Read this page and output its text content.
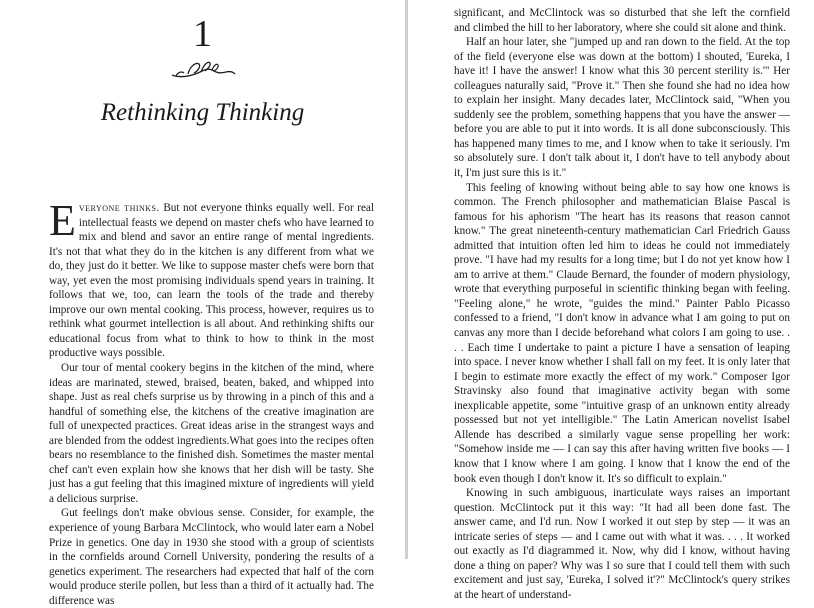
1
Rethinking Thinking

Everyone thinks. But not everyone thinks equally well. For real intellectual feasts we depend on master chefs who have learned to mix and blend and savor an entire range of mental ingredients. It's not that what they do in the kitchen is any different from what we do, they just do it better. We like to suppose master chefs were born that way, yet even the most promising individuals spend years in training. It follows that we, too, can learn the tools of the trade and thereby improve our own mental cooking. This process, however, requires us to rethink what gourmet intellection is all about. And rethinking shifts our educational focus from what to think to how to think in the most productive ways possible.

Our tour of mental cookery begins in the kitchen of the mind, where ideas are marinated, stewed, braised, beaten, baked, and whipped into shape. Just as real chefs surprise us by throwing in a pinch of this and a handful of something else, the kitchens of the creative imagination are full of unexpected practices. Great ideas arise in the strangest ways and are blended from the oddest ingredients.What goes into the recipes often bears no resemblance to the finished dish. Sometimes the master mental chef can't even explain how she knows that her dish will be tasty. She just has a gut feeling that this imagined mixture of ingredients will yield a delicious surprise.

Gut feelings don't make obvious sense. Consider, for example, the experience of young Barbara McClintock, who would later earn a Nobel Prize in genetics. One day in 1930 she stood with a group of scientists in the cornfields around Cornell University, pondering the results of a genetics experiment. The researchers had expected that half of the corn would produce sterile pollen, but less than a third of it actually had. The difference was

significant, and McClintock was so disturbed that she left the cornfield and climbed the hill to her laboratory, where she could sit alone and think.

Half an hour later, she "jumped up and ran down to the field. At the top of the field (everyone else was down at the bottom) I shouted, 'Eureka, I have it! I have the answer! I know what this 30 percent sterility is.'" Her colleagues naturally said, "Prove it." Then she found she had no idea how to explain her insight. Many decades later, McClintock said, "When you suddenly see the problem, something happens that you have the answer — before you are able to put it into words. It is all done subconsciously. This has happened many times to me, and I know when to take it seriously. I'm so absolutely sure. I don't talk about it, I don't have to tell anybody about it, I'm just sure this is it."

This feeling of knowing without being able to say how one knows is common. The French philosopher and mathematician Blaise Pascal is famous for his aphorism "The heart has its reasons that reason cannot know." The great nineteenth-century mathematician Carl Friedrich Gauss admitted that intuition often led him to ideas he could not immediately prove. "I have had my results for a long time; but I do not yet know how I am to arrive at them." Claude Bernard, the founder of modern physiology, wrote that everything purposeful in scientific thinking began with feeling. "Feeling alone," he wrote, "guides the mind." Painter Pablo Picasso confessed to a friend, "I don't know in advance what I am going to put on canvas any more than I decide beforehand what colors I am going to use. . . . Each time I undertake to paint a picture I have a sensation of leaping into space. I never know whether I shall fall on my feet. It is only later that I begin to estimate more exactly the effect of my work." Composer Igor Stravinsky also found that imaginative activity began with some inexplicable appetite, some "intuitive grasp of an unknown entity already possessed but not yet intelligible." The Latin American novelist Isabel Allende has described a similarly vague sense propelling her work: "Somehow inside me — I can say this after having written five books — I know that I know where I am going. I know that I know the end of the book even though I don't know it. It's so difficult to explain."

Knowing in such ambiguous, inarticulate ways raises an important question. McClintock put it this way: "It had all been done fast. The answer came, and I'd run. Now I worked it out step by step — it was an intricate series of steps — and I came out with what it was. . . . It worked out exactly as I'd diagrammed it. Now, why did I know, without having done a thing on paper? Why was I so sure that I could tell them with such excitement and just say, 'Eureka, I solved it'?" McClintock's query strikes at the heart of understand-
